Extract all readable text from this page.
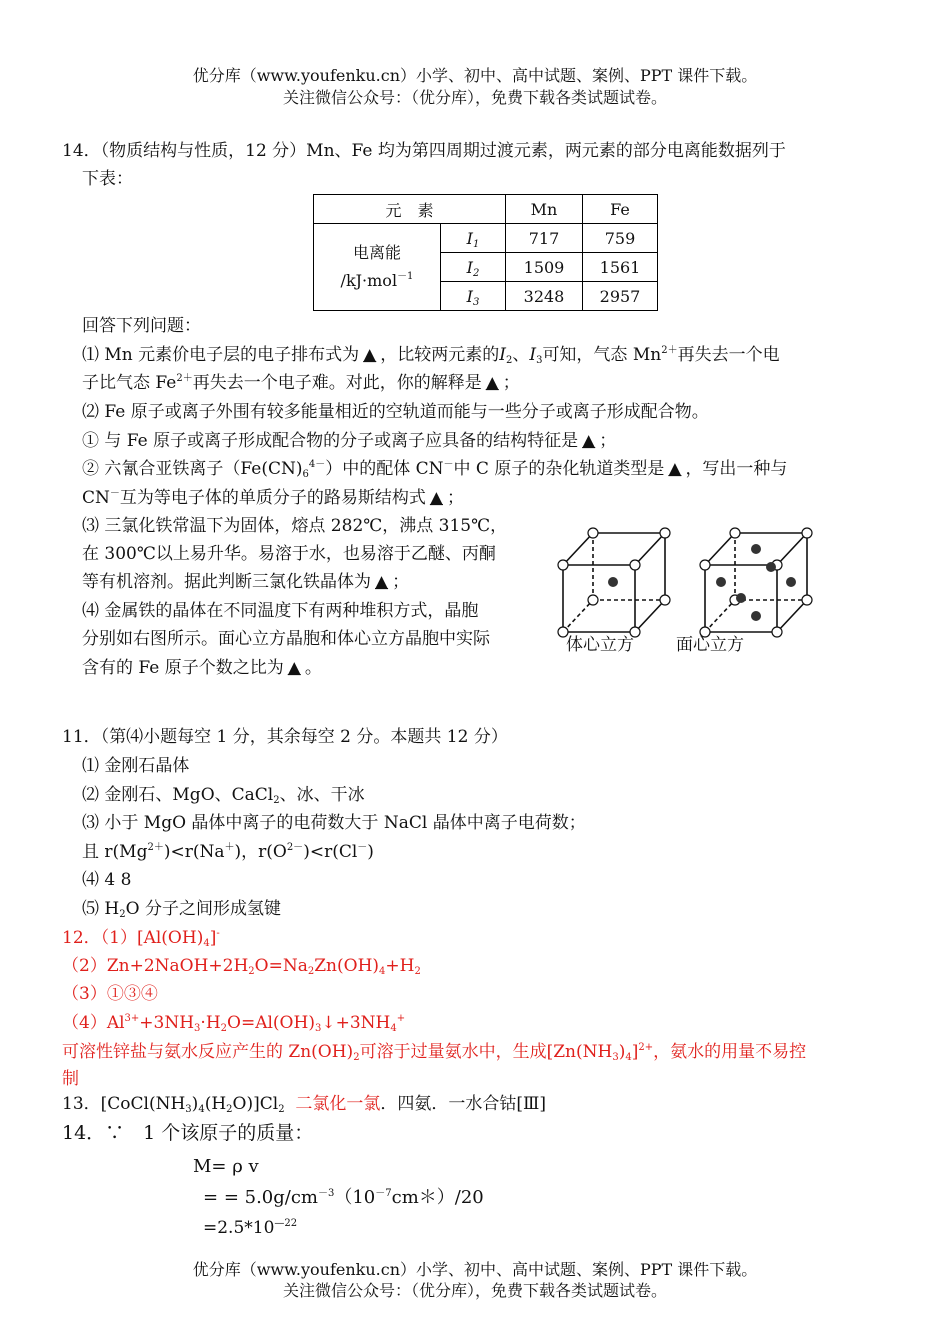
优分库（www.youfenku.cn）小学、初中、高中试题、案例、PPT 课件下载。
关注微信公众号：（优分库），免费下载各类试题试卷。
14．（物质结构与性质，12 分）Mn、Fe 均为第四周期过渡元素，两元素的部分电离能数据列于
下表：
元　素		Mn	Fe

电离能
/kJ·mol$^{-1}$	$I_1$	717	759
	$I_2$	1509	1561
	$I_3$	3248	2957
回答下列问题：
⑴ Mn 元素价电子层的电子排布式为 ▲ ，比较两元素的$I_2$、$I_3$可知，气态 $Mn^{2+}$再失去一个电
子比气态 $Fe^{2+}$再失去一个电子难。对此，你的解释是 ▲ ；
⑵ Fe 原子或离子外围有较多能量相近的空轨道而能与一些分子或离子形成配合物。
① 与 Fe 原子或离子形成配合物的分子或离子应具备的结构特征是 ▲ ；
② 六氰合亚铁离子$(Fe(CN)_6^{4-})$中的配体 CN－中 C 原子的杂化轨道类型是 ▲ ，写出一种与
CN－互为等电子体的单质分子的路易斯结构式 ▲ ；
⑶ 三氯化铁常温下为固体，熔点 282℃，沸点 315℃，
在 300℃以上易升华。易溶于水，也易溶于乙醚、丙酮
等有机溶剂。据此判断三氯化铁晶体为 ▲ ；
⑷ 金属铁的晶体在不同温度下有两种堆积方式，晶胞
分别如右图所示。面心立方晶胞和体心立方晶胞中实际
含有的 Fe 原子个数之比为 ▲ 。
体心立方 面心立方
11．（第⑷小题每空 1 分，其余每空 2 分。本题共 12 分）
⑴ 金刚石晶体
⑵ 金刚石、MgO、CaCl$_2$、冰、干冰
⑶ 小于 MgO 晶体中离子的电荷数大于 NaCl 晶体中离子电荷数；
且 $r(Mg^{2+})<r(Na^+)$，$r(O^{2-})<r(Cl^-)$
⑷ 4 8
⑸ $H_2O$ 分子之间形成氢键
12．$(1)[Al(OH)_4]^-$
$(2)Zn+2NaOH+2H_2O=Na_2Zn(OH)_4+H_2$
（3）①③④
$(4)Al^{3+}+3NH_3\cdot H_2O=Al(OH)_3↓+3NH_4^+$
可溶性锌盐与氨水反应产生的 $Zn(OH)_2$可溶于过量氨水中，生成$[Zn(NH_3)_4]^{2+}$，氨水的用量不易控
制
13．$[CoCl(NH_3)_4(H_2O)]Cl_2$ 二氯化一氯．四氨．一水合钴[Ⅲ]
14．∵　1 个该原子的质量：
M= ρ v
= = $5.0g/cm^{-3}(10^{-7}cm*)/20$
$=2.5*10^{—22}$
优分库（www.youfenku.cn）小学、初中、高中试题、案例、PPT 课件下载。
关注微信公众号：（优分库），免费下载各类试题试卷。
